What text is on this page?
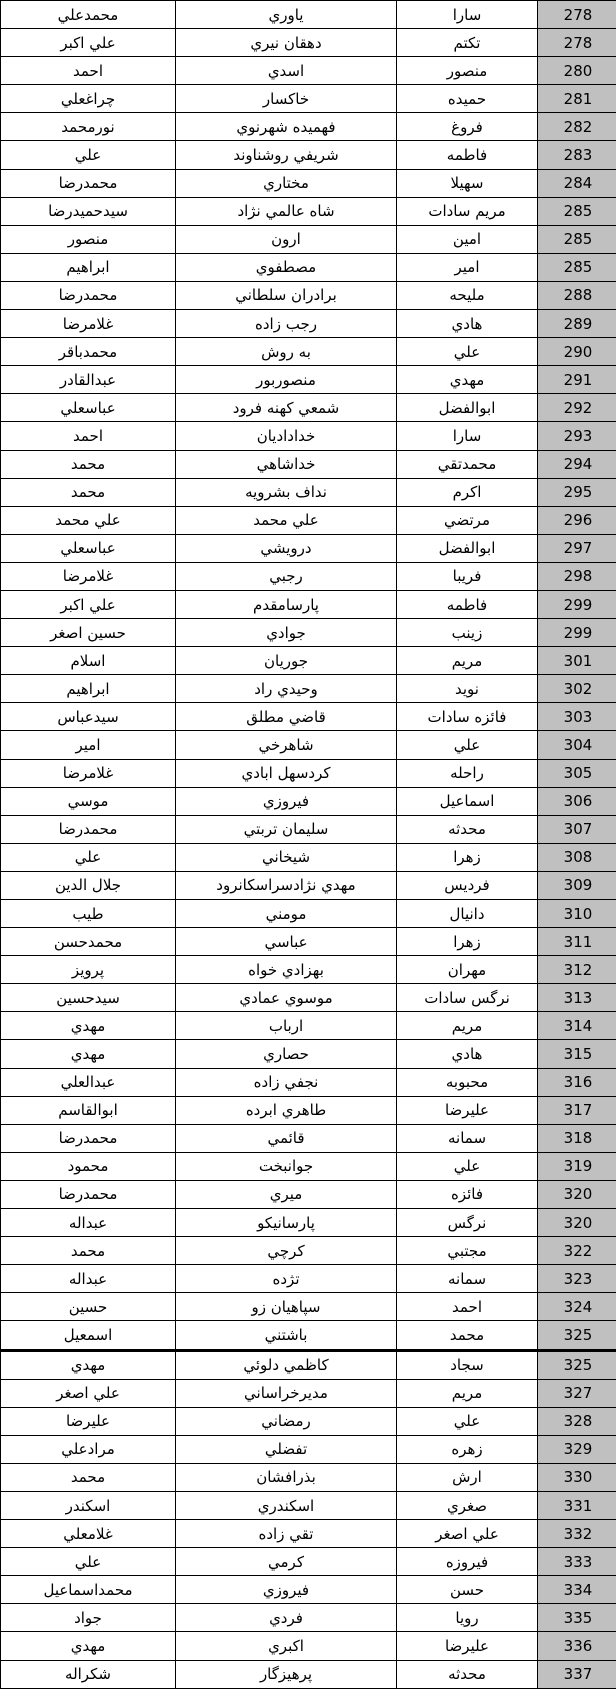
278	سارا	ياوري	محمدعلي
278	تكتم	دهقان نيري	علي اكبر
280	منصور	اسدي	احمد
281	حميده	خاكسار	چراغعلي
282	فروغ	فهميده شهرنوي	نورمحمد
283	فاطمه	شريفي روشناوند	علي
284	سهيلا	مختاري	محمدرضا
285	مريم سادات	شاه عالمي نژاد	سيدحميدرضا
285	امين	ارون	منصور
285	امير	مصطفوي	ابراهيم
288	مليحه	برادران سلطاني	محمدرضا
289	هادي	رجب زاده	غلامرضا
290	علي	به روش	محمدباقر
291	مهدي	منصوربور	عبدالقادر
292	ابوالفضل	شمعي كهنه فرود	عباسعلي
293	سارا	خداداديان	احمد
294	محمدتقي	خداشاهي	محمد
295	اكرم	نداف بشرويه	محمد
296	مرتضي	علي محمد	علي محمد
297	ابوالفضل	درويشي	عباسعلي
298	فريبا	رجبي	غلامرضا
299	فاطمه	پارسامقدم	علي اكبر
299	زينب	جوادي	حسين اصغر
301	مريم	جوريان	اسلام
302	نويد	وحيدي راد	ابراهيم
303	فائزه سادات	قاضي مطلق	سيدعباس
304	علي	شاهرخي	امير
305	راحله	كردسهل ابادي	غلامرضا
306	اسماعيل	فيروزي	موسي
307	محدثه	سليمان تربتي	محمدرضا
308	زهرا	شيخاني	علي
309	فرديس	مهدي نژادسراسكانرود	جلال الدين
310	دانيال	مومني	طيب
311	زهرا	عباسي	محمدحسن
312	مهران	بهزادي خواه	پرويز
313	نرگس سادات	موسوي عمادي	سيدحسين
314	مريم	ارباب	مهدي
315	هادي	حصاري	مهدي
316	محبوبه	نجفي زاده	عبدالعلي
317	عليرضا	طاهري ابرده	ابوالقاسم
318	سمانه	قائمي	محمدرضا
319	علي	جوانبخت	محمود
320	فائزه	ميري	محمدرضا
320	نرگس	پارسانيكو	عبداله
322	مجتبي	كرچي	محمد
323	سمانه	تژده	عبداله
324	احمد	سپاهيان زو	حسين
325	محمد	باشتني	اسمعيل
325	سجاد	كاظمي دلوئي	مهدي
327	مريم	مديرخراساني	علي اصغر
328	علي	رمضاني	عليرضا
329	زهره	تفضلي	مرادعلي
330	ارش	بذرافشان	محمد
331	صغري	اسكندري	اسكندر
332	علي اصغر	تقي زاده	غلامعلي
333	فيروزه	كرمي	علي
334	حسن	فيروزي	محمداسماعيل
335	رويا	فردي	جواد
336	عليرضا	اكبري	مهدي
337	محدثه	پرهيزگار	شكراله
